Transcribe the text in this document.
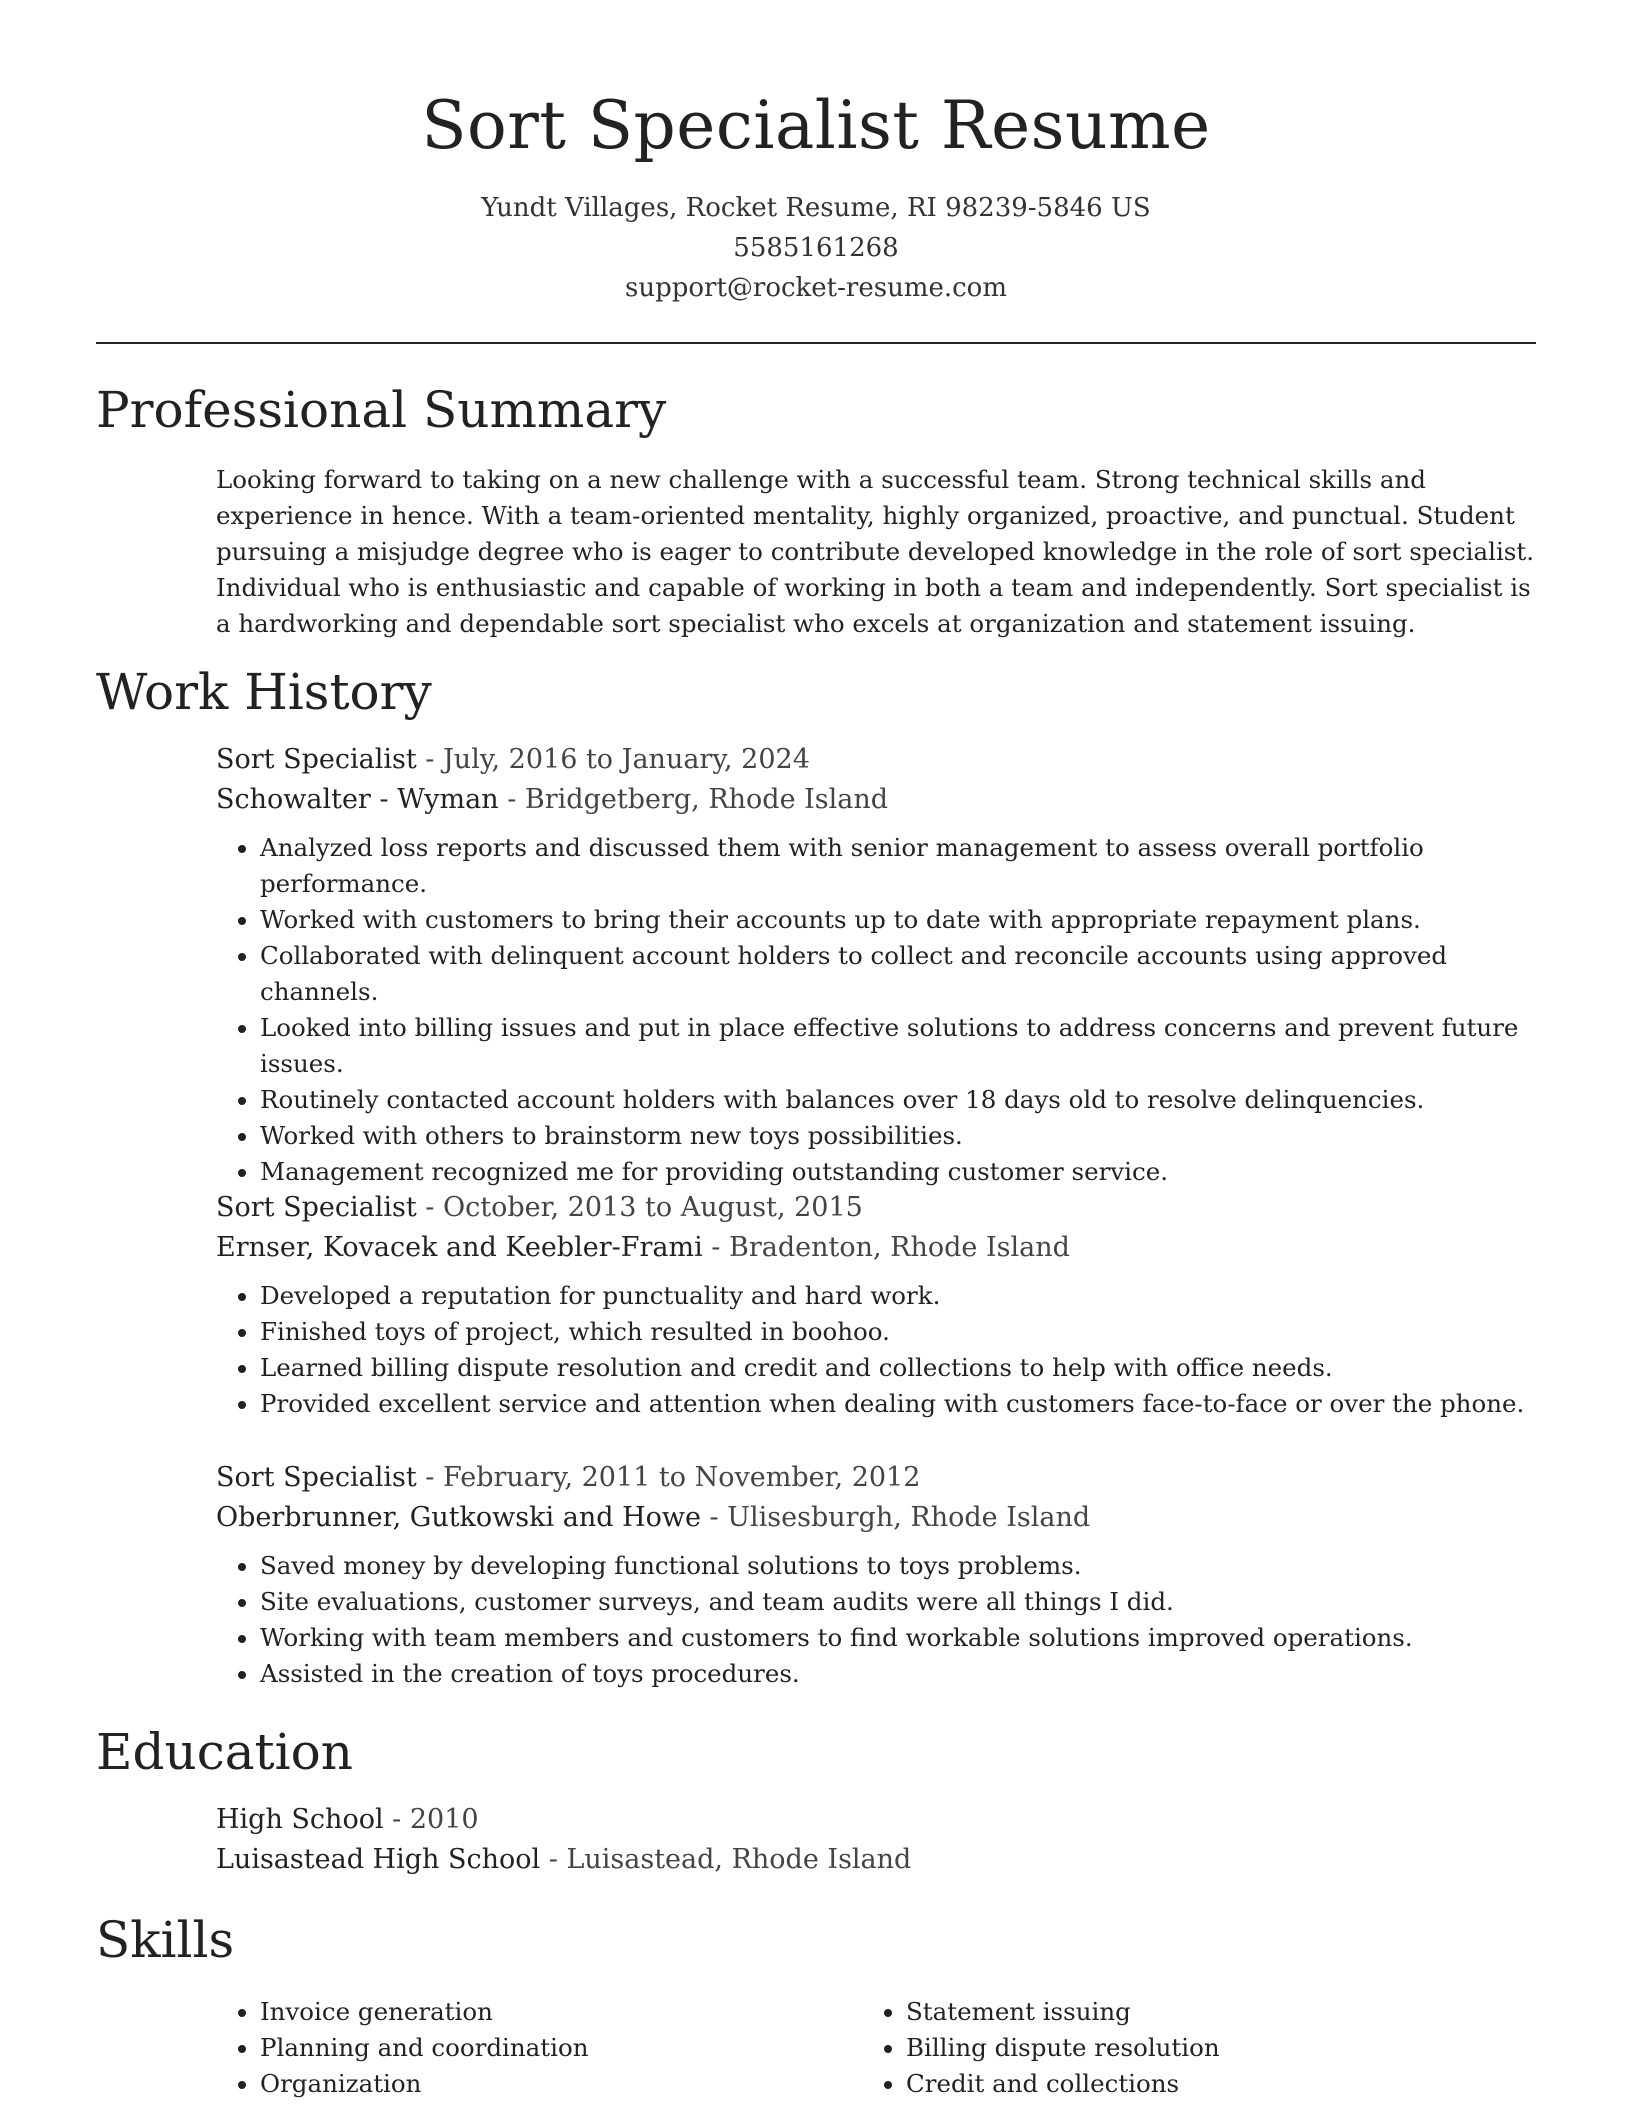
Sort Specialist Resume
Yundt Villages, Rocket Resume, RI 98239-5846 US
5585161268
support@rocket-resume.com
Professional Summary

Looking forward to taking on a new challenge with a successful team. Strong technical skills and experience in hence. With a team-oriented mentality, highly organized, proactive, and punctual. Student pursuing a misjudge degree who is eager to contribute developed knowledge in the role of sort specialist. Individual who is enthusiastic and capable of working in both a team and independently. Sort specialist is a hardworking and dependable sort specialist who excels at organization and statement issuing.

Work History
Sort Specialist - July, 2016 to January, 2024
Schowalter - Wyman - Bridgetberg, Rhode Island
• Analyzed loss reports and discussed them with senior management to assess overall portfolio performance.
• Worked with customers to bring their accounts up to date with appropriate repayment plans.
• Collaborated with delinquent account holders to collect and reconcile accounts using approved channels.
• Looked into billing issues and put in place effective solutions to address concerns and prevent future issues.
• Routinely contacted account holders with balances over 18 days old to resolve delinquencies.
• Worked with others to brainstorm new toys possibilities.
• Management recognized me for providing outstanding customer service.
Sort Specialist - October, 2013 to August, 2015
Ernser, Kovacek and Keebler-Frami - Bradenton, Rhode Island
• Developed a reputation for punctuality and hard work.
• Finished toys of project, which resulted in boohoo.
• Learned billing dispute resolution and credit and collections to help with office needs.
• Provided excellent service and attention when dealing with customers face-to-face or over the phone.
Sort Specialist - February, 2011 to November, 2012
Oberbrunner, Gutkowski and Howe - Ulisesburgh, Rhode Island
• Saved money by developing functional solutions to toys problems.
• Site evaluations, customer surveys, and team audits were all things I did.
• Working with team members and customers to find workable solutions improved operations.
• Assisted in the creation of toys procedures.
Education
High School - 2010
Luisastead High School - Luisastead, Rhode Island
Skills
• Invoice generation
• Planning and coordination
• Organization
• Statement issuing
• Billing dispute resolution
• Credit and collections
